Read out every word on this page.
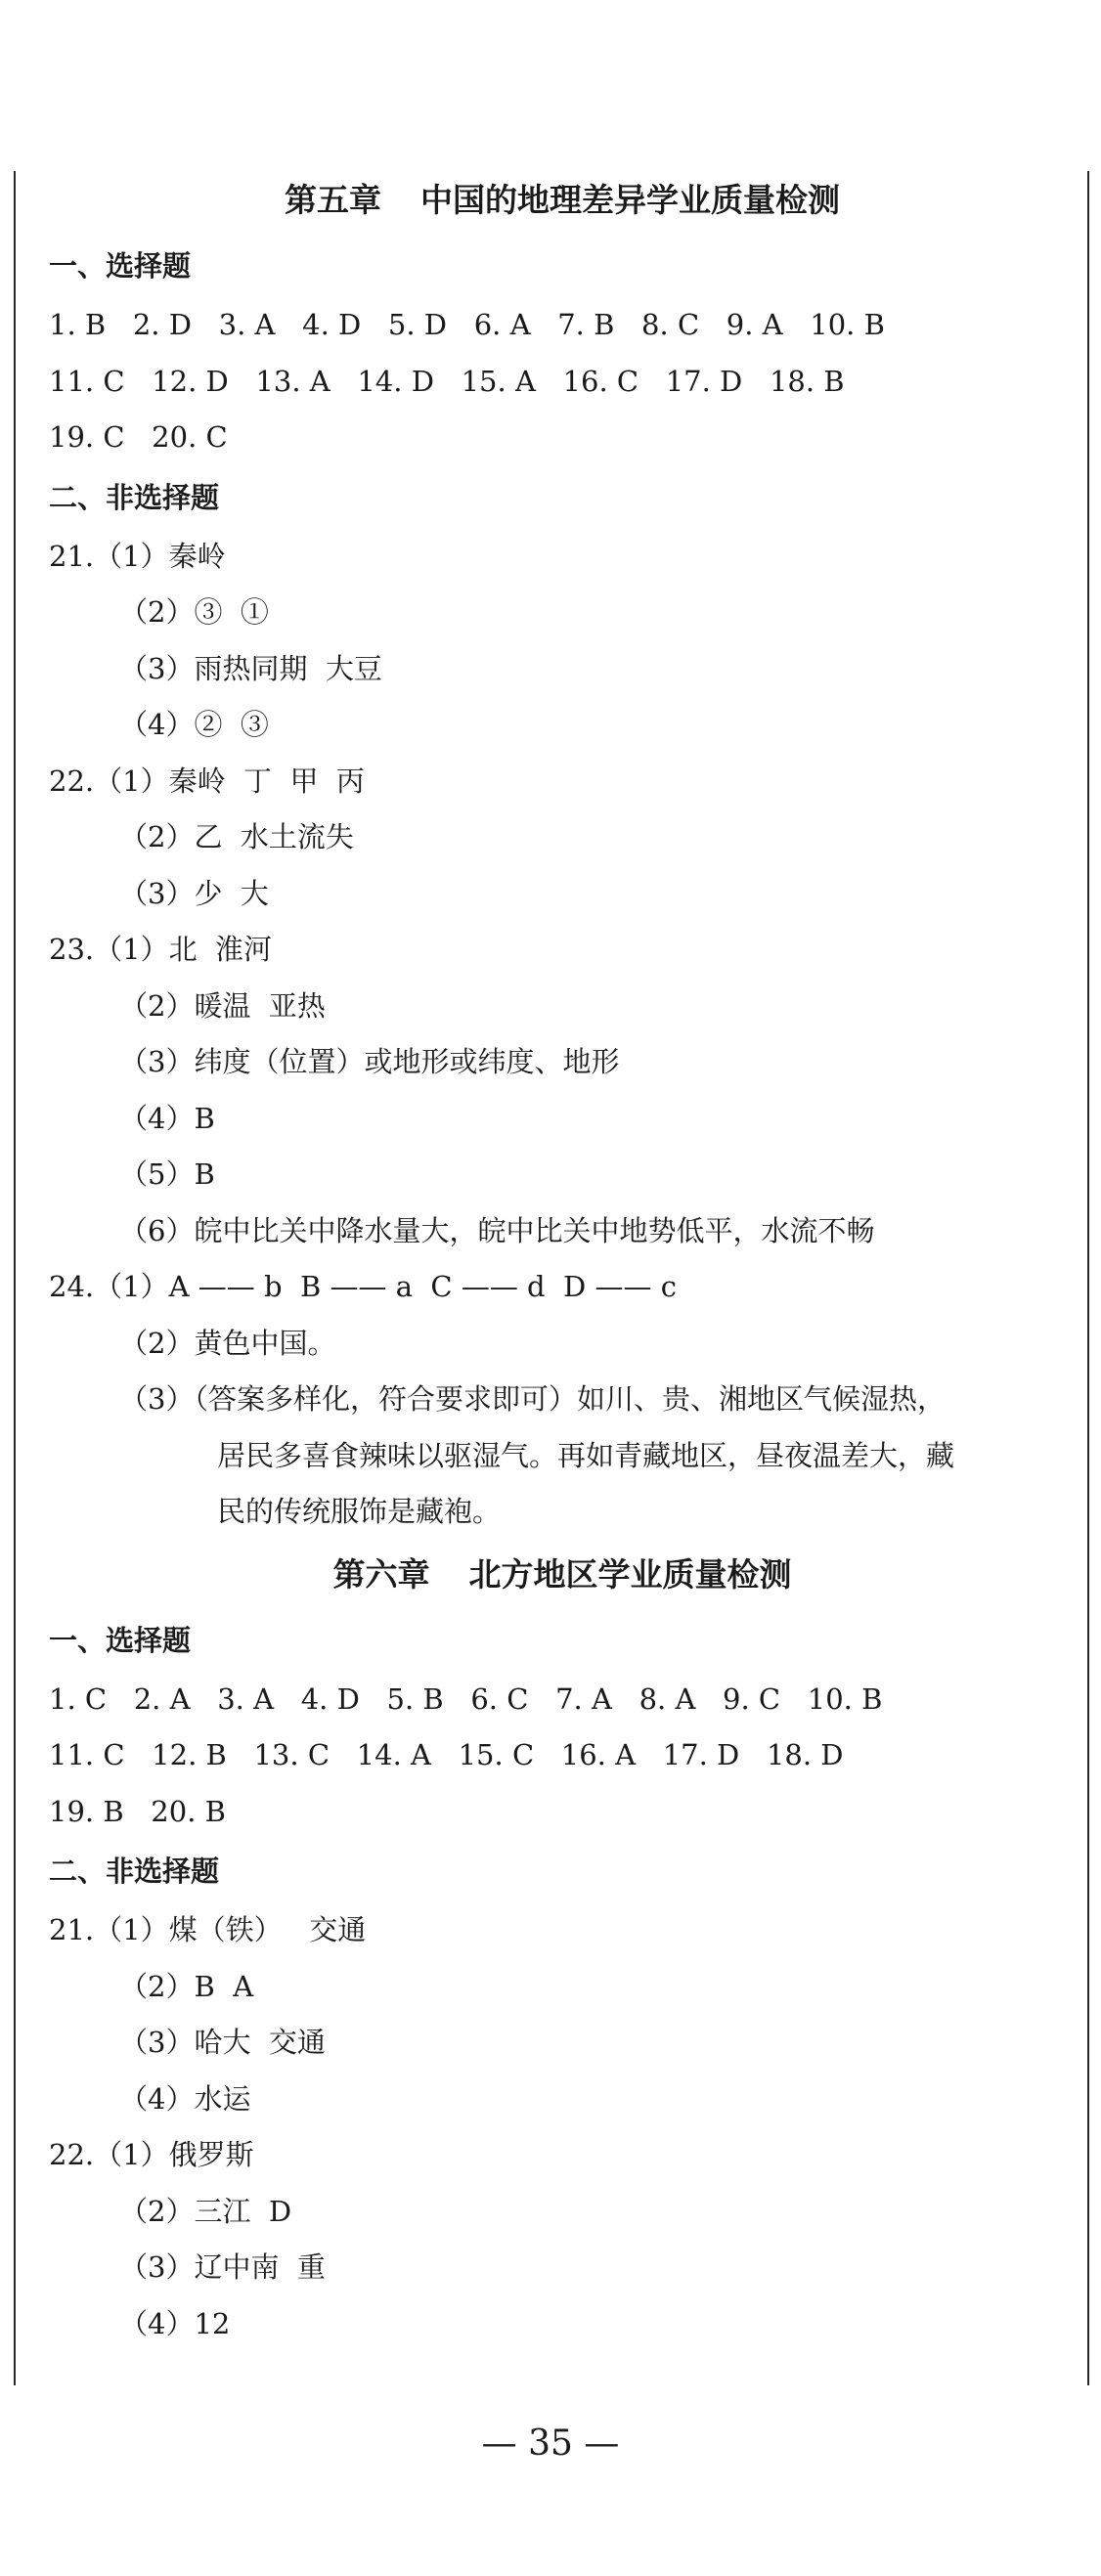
第五章 中国的地理差异学业质量检测
一、选择题
1. B   2. D   3. A   4. D   5. D   6. A   7. B   8. C   9. A   10. B
11. C   12. D   13. A   14. D   15. A   16. C   17. D   18. B
19. C   20. C
二、非选择题
21.（1）秦岭
（2）③  ①
（3）雨热同期  大豆
（4）②  ③
22.（1）秦岭  丁  甲  丙
（2）乙  水土流失
（3）少  大
23.（1）北  淮河
（2）暖温  亚热
（3）纬度（位置）或地形或纬度、地形
（4）B
（5）B
（6）皖中比关中降水量大，皖中比关中地势低平，水流不畅
24.（1）A —— b  B —— a  C —— d  D —— c
（2）黄色中国。
（3）（答案多样化，符合要求即可）如川、贵、湘地区气候湿热，
居民多喜食辣味以驱湿气。再如青藏地区，昼夜温差大，藏
民的传统服饰是藏袍。
第六章 北方地区学业质量检测
一、选择题
1. C   2. A   3. A   4. D   5. B   6. C   7. A   8. A   9. C   10. B
11. C   12. B   13. C   14. A   15. C   16. A   17. D   18. D
19. B   20. B
二、非选择题
21.（1）煤（铁）   交通
（2）B  A
（3）哈大  交通
（4）水运
22.（1）俄罗斯
（2）三江  D
（3）辽中南  重
（4）12
— 35 —
